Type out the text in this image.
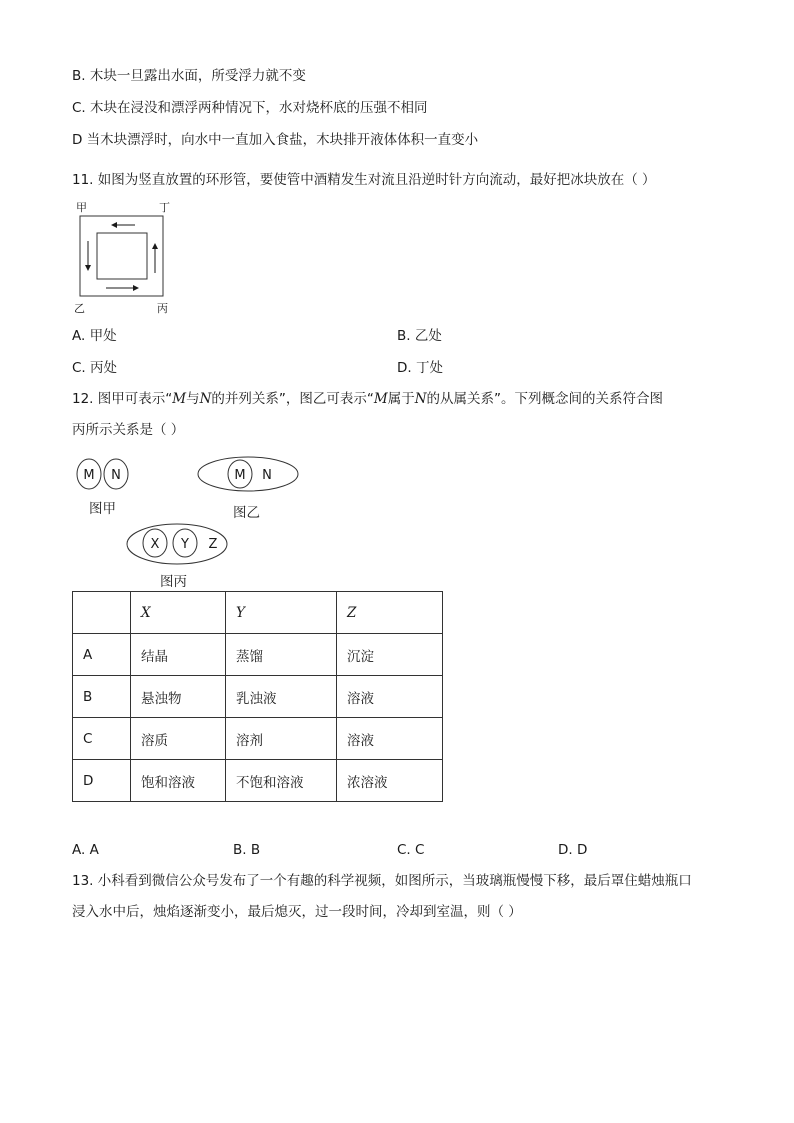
B. 木块一旦露出水面，所受浮力就不变
C. 木块在浸没和漂浮两种情况下，水对烧杯底的压强不相同
D 当木块漂浮时，向水中一直加入食盐，木块排开液体体积一直变小
11. 如图为竖直放置的环形管，要使管中酒精发生对流且沿逆时针方向流动，最好把冰块放在（ ）
甲	丁
乙	丙
A. 甲处	B. 乙处
C. 丙处	D. 丁处
12. 图甲可表示“M与N的并列关系”，图乙可表示“M属于N的从属关系”。下列概念间的关系符合图
丙所示关系是（ ）
M N	M N
图甲	图乙
X Y Z
图丙
	X	Y	Z
A	结晶	蒸馏	沉淀
B	悬浊物	乳浊液	溶液
C	溶质	溶剂	溶液
D	饱和溶液	不饱和溶液	浓溶液
A. A	B. B	C. C	D. D
13. 小科看到微信公众号发布了一个有趣的科学视频，如图所示，当玻璃瓶慢慢下移，最后罩住蜡烛瓶口
浸入水中后，烛焰逐渐变小，最后熄灭，过一段时间，冷却到室温，则（ ）
